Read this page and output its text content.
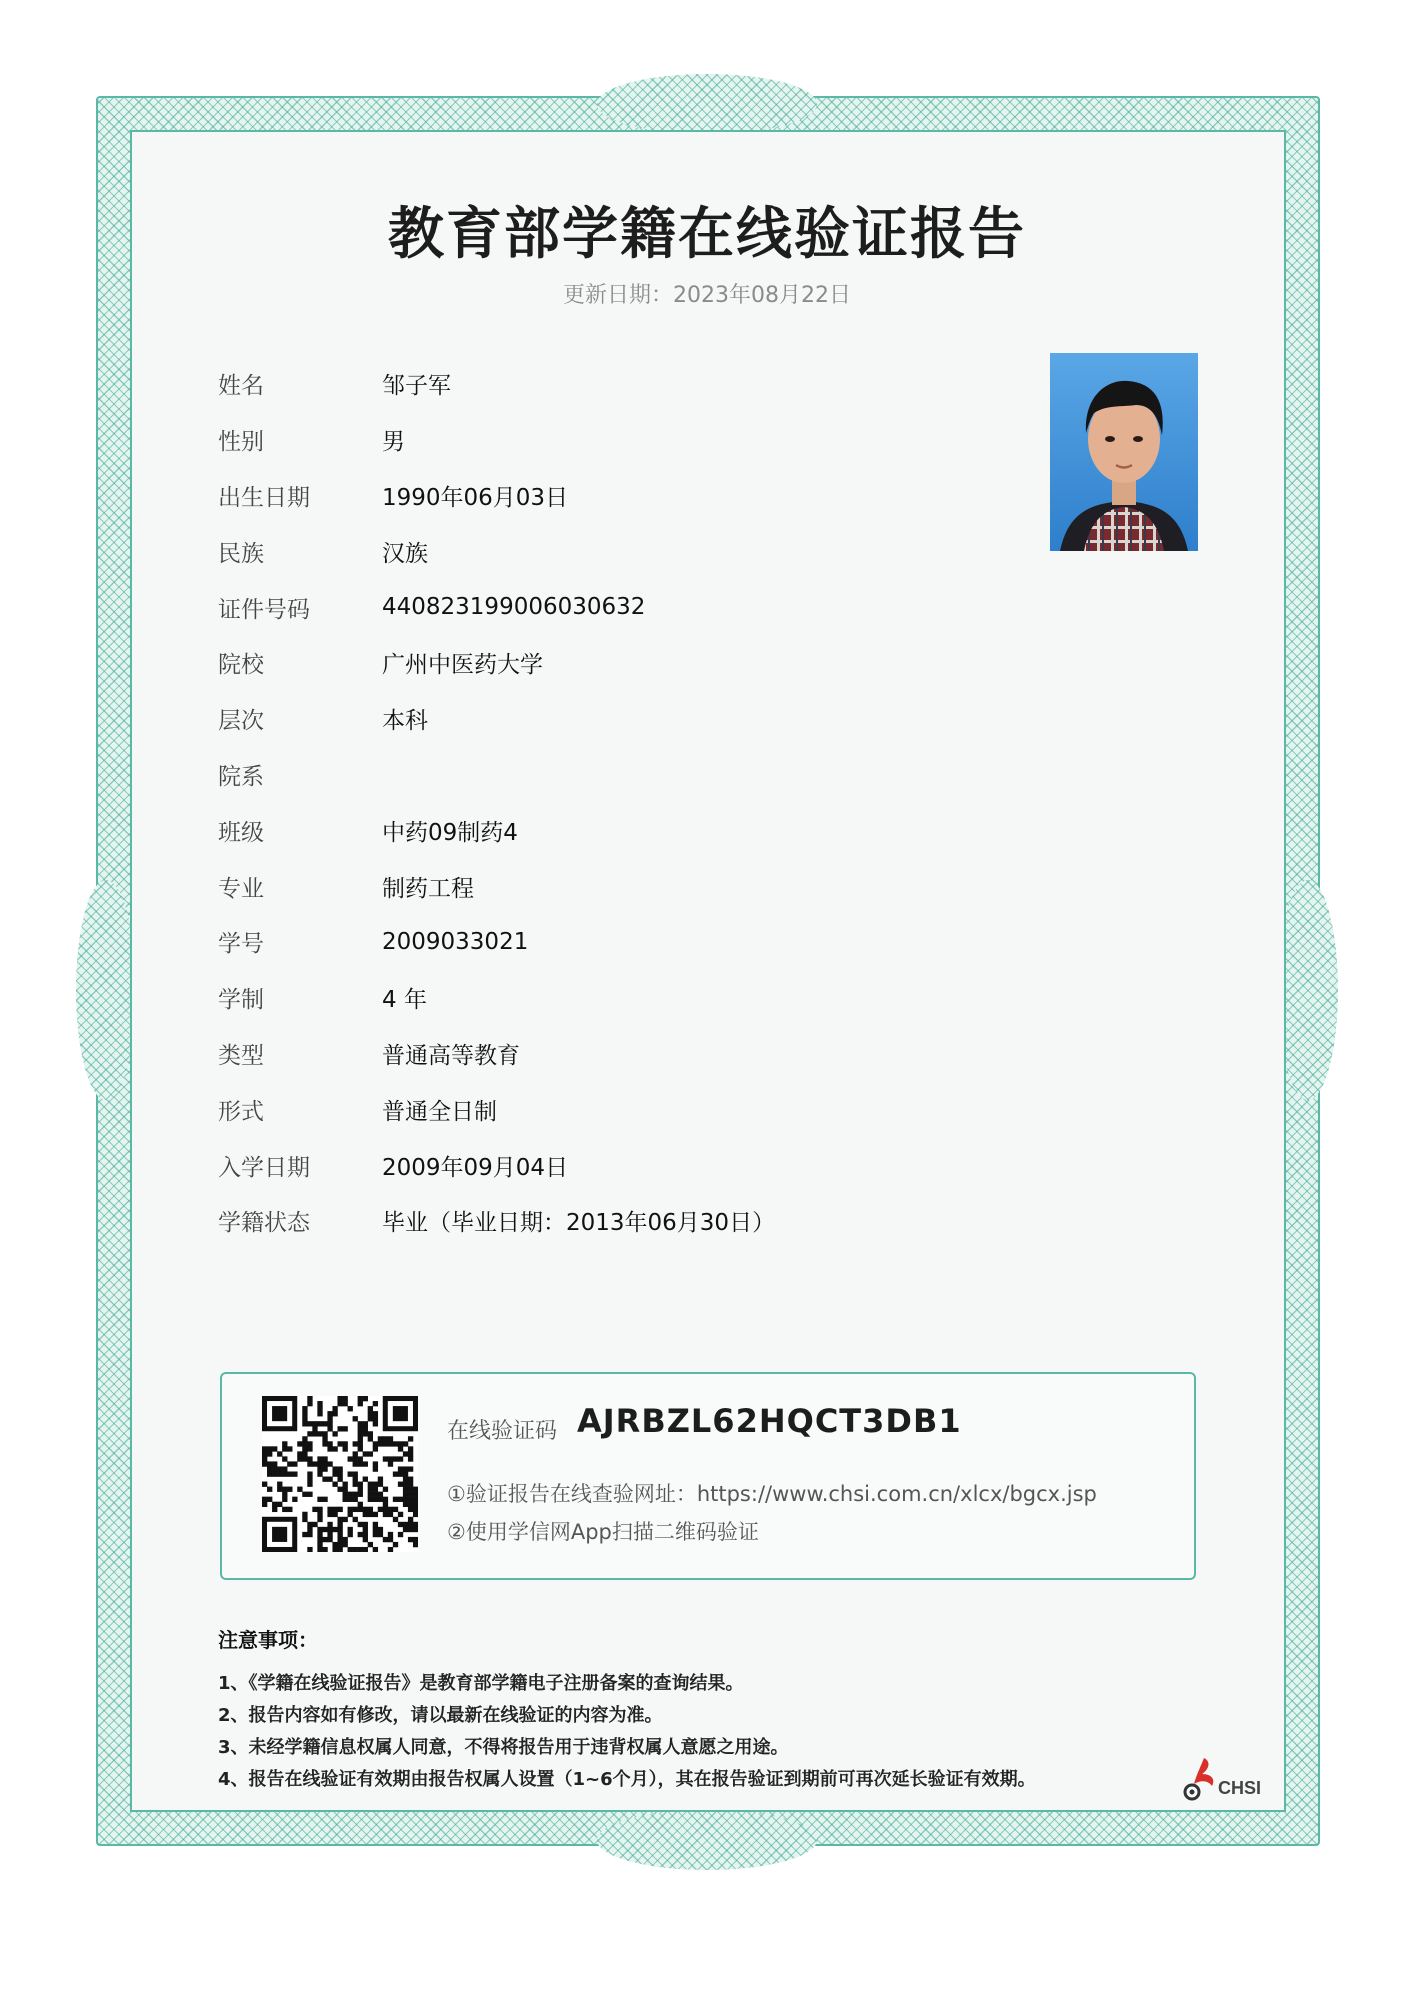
教育部学籍在线验证报告
更新日期：2023年08月22日
姓名	邹子军
性别	男
出生日期	1990年06月03日
民族	汉族
证件号码	440823199006030632
院校	广州中医药大学
层次	本科
院系
班级	中药09制药4
专业	制药工程
学号	2009033021
学制	4 年
类型	普通高等教育
形式	普通全日制
入学日期	2009年09月04日
学籍状态	毕业（毕业日期：2013年06月30日）
在线验证码 AJRBZL62HQCT3DB1
①验证报告在线查验网址：https://www.chsi.com.cn/xlcx/bgcx.jsp
②使用学信网App扫描二维码验证
注意事项：
1、《学籍在线验证报告》是教育部学籍电子注册备案的查询结果。
2、报告内容如有修改，请以最新在线验证的内容为准。
3、未经学籍信息权属人同意，不得将报告用于违背权属人意愿之用途。
4、报告在线验证有效期由报告权属人设置（1~6个月），其在报告验证到期前可再次延长验证有效期。	CHSI
